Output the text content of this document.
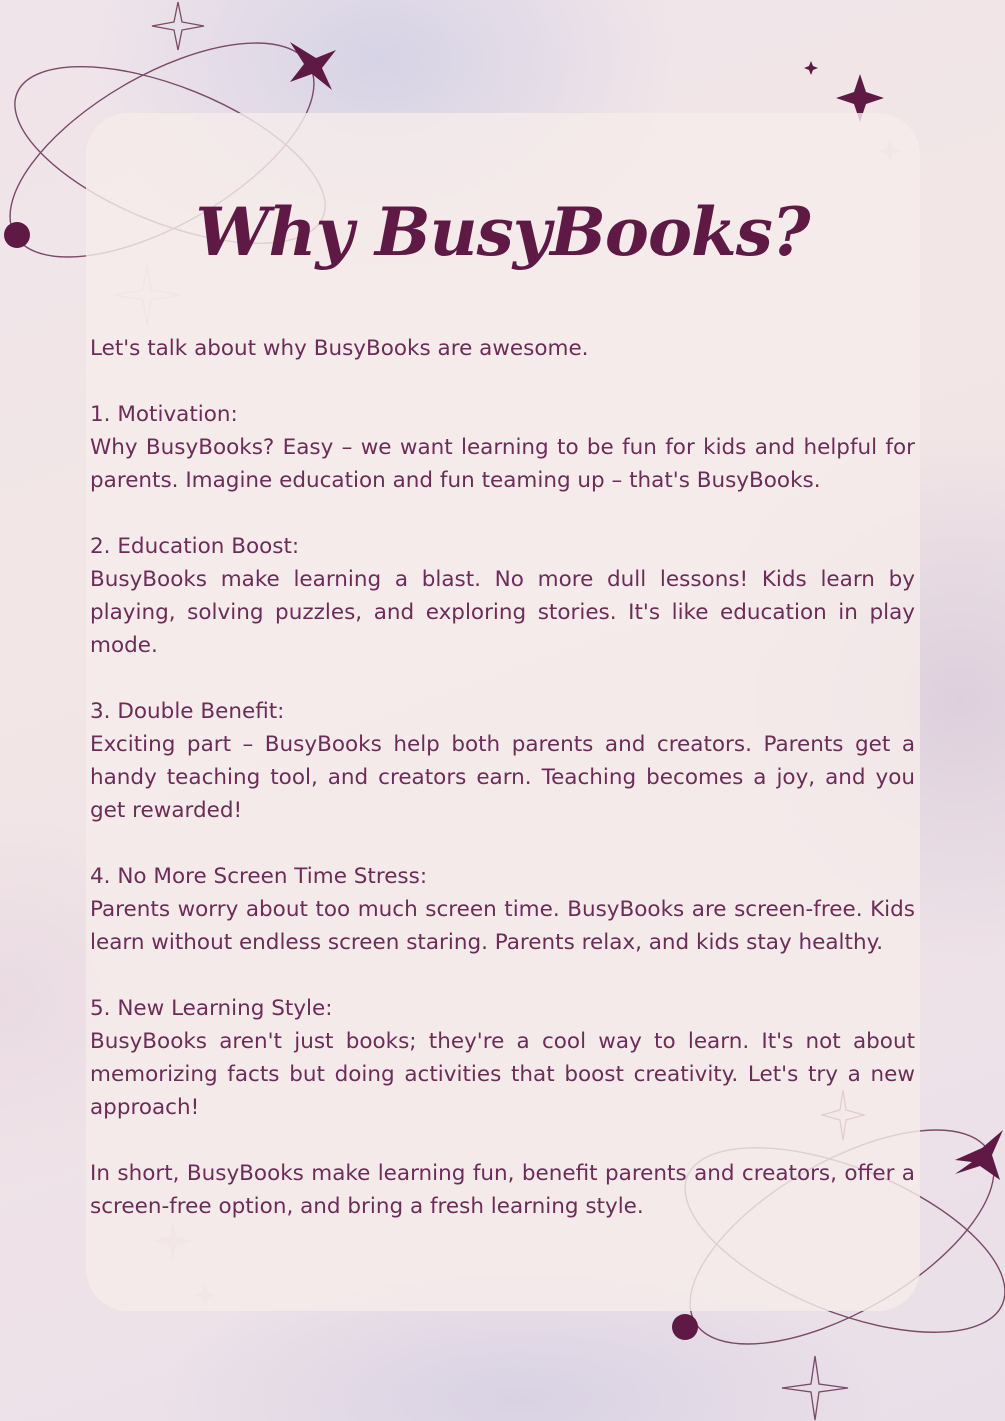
Why BusyBooks?

Let's talk about why BusyBooks are awesome.

1. Motivation:
Why BusyBooks? Easy – we want learning to be fun for kids and helpful for parents. Imagine education and fun teaming up – that's BusyBooks.

2. Education Boost:
BusyBooks make learning a blast. No more dull lessons! Kids learn by playing, solving puzzles, and exploring stories. It's like education in play mode.

3. Double Benefit:
Exciting part – BusyBooks help both parents and creators. Parents get a handy teaching tool, and creators earn. Teaching becomes a joy, and you get rewarded!

4. No More Screen Time Stress:
Parents worry about too much screen time. BusyBooks are screen-free. Kids learn without endless screen staring. Parents relax, and kids stay healthy.

5. New Learning Style:
BusyBooks aren't just books; they're a cool way to learn. It's not about memorizing facts but doing activities that boost creativity. Let's try a new approach!

In short, BusyBooks make learning fun, benefit parents and creators, offer a screen-free option, and bring a fresh learning style.
